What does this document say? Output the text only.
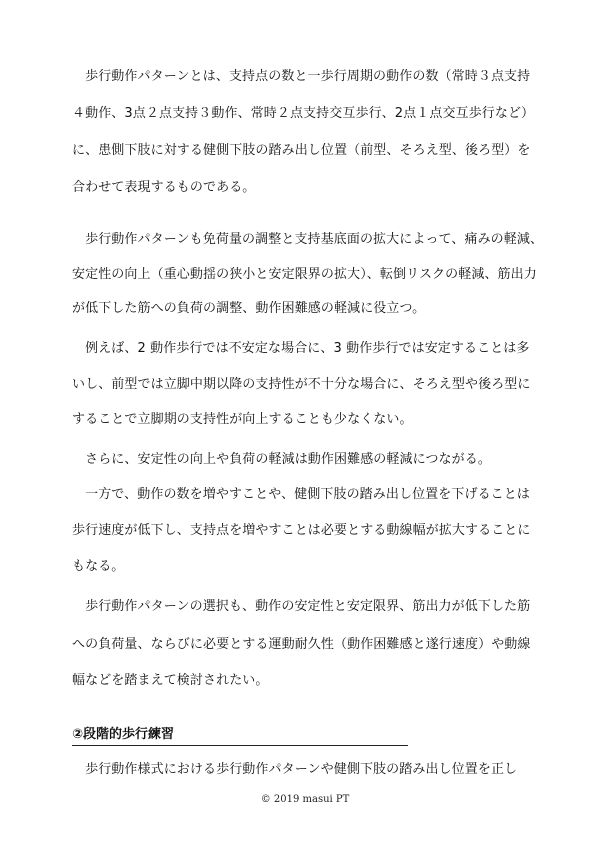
　歩行動作パターンとは、支持点の数と一歩行周期の動作の数（常時３点支持
４動作、3点２点支持３動作、常時２点支持交互歩行、2点１点交互歩行など）
に、患側下肢に対する健側下肢の踏み出し位置（前型、そろえ型、後ろ型）を
合わせて表現するものである。
　歩行動作パターンも免荷量の調整と支持基底面の拡大によって、痛みの軽減、
安定性の向上（重心動揺の狭小と安定限界の拡大）、転倒リスクの軽減、筋出力
が低下した筋への負荷の調整、動作困難感の軽減に役立つ。
　例えば、2 動作歩行では不安定な場合に、3 動作歩行では安定することは多
いし、前型では立脚中期以降の支持性が不十分な場合に、そろえ型や後ろ型に
することで立脚期の支持性が向上することも少なくない。
　さらに、安定性の向上や負荷の軽減は動作困難感の軽減につながる。
　一方で、動作の数を増やすことや、健側下肢の踏み出し位置を下げることは
歩行速度が低下し、支持点を増やすことは必要とする動線幅が拡大することに
もなる。
　歩行動作パターンの選択も、動作の安定性と安定限界、筋出力が低下した筋
への負荷量、ならびに必要とする運動耐久性（動作困難感と遂行速度）や動線
幅などを踏まえて検討されたい。
②段階的歩行練習
　歩行動作様式における歩行動作パターンや健側下肢の踏み出し位置を正し
© 2019 masui PT
